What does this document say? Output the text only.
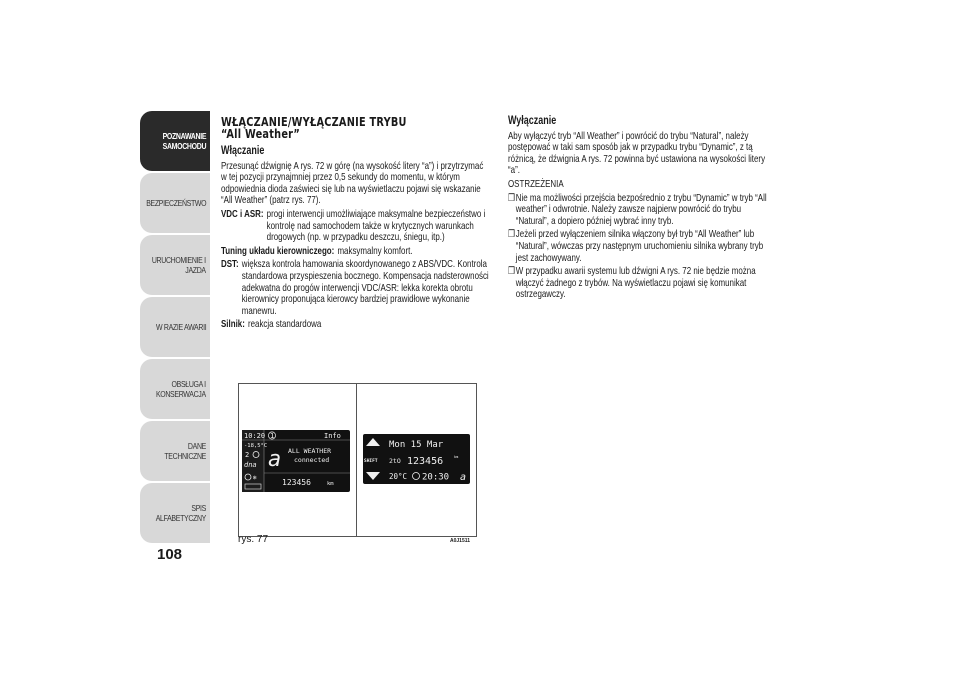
POZNAWANIE
SAMOCHODU
BEZPIECZEŃSTWO
URUCHOMIENIE I
JAZDA
W RAZIE AWARII
OBSŁUGA I
KONSERWACJA
DANE TECHNICZNE
SPIS ALFABETYCZNY
108
WŁĄCZANIE/WYŁĄCZANIE TRYBU
“All Weather”
Włączanie

Przesunąć dźwignię A rys. 72 w górę (na wysokość litery “a”) i przytrzymać w tej pozycji przynajmniej przez 0,5 sekundy do momentu, w którym odpowiednia dioda zaświeci się lub na wyświetlaczu pojawi się wskazanie “All Weather” (patrz rys. 77).

VDC i ASR: progi interwencji umożliwiające maksymalne bezpieczeństwo i kontrolę nad samochodem także w krytycznych warunkach drogowych (np. w przypadku deszczu, śniegu, itp.)
Tuning układu kierowniczego: maksymalny komfort.
DST: większa kontrola hamowania skoordynowanego z ABS/VDC. Kontrola standardowa przyspieszenia bocznego. Kompensacja nadsterowności adekwatna do progów interwencji VDC/ASR: lekka korekta obrotu kierownicy proponująca kierowcy bardziej prawidłowe wykonanie manewru.
Silnik: reakcja standardowa
Wyłączanie

Aby wyłączyć tryb “All Weather” i powrócić do trybu “Natural”, należy postępować w taki sam sposób jak w przypadku trybu “Dynamic”, z tą różnicą, że dźwignia A rys. 72 powinna być ustawiona na wysokości litery “a”.

OSTRZEŻENIA

❒ Nie ma możliwości przejścia bezpośrednio z trybu “Dynamic” w tryb “All weather” i odwrotnie. Należy zawsze najpierw powrócić do trybu “Natural”, a dopiero później wybrać inny tryb.
❒ Jeżeli przed wyłączeniem silnika włączony był tryb “All Weather” lub “Natural”, wówczas przy następnym uruchomieniu silnika wybrany tryb jest zachowywany.
❒ W przypadku awarii systemu lub dźwigni A rys. 72 nie będzie można włączyć żadnego z trybów. Na wyświetlaczu pojawi się komunikat ostrzegawczy.
10:20
-18,5°C
2
dna
❄
1	Info
a ALL WEATHER
connected
123456	km
SHIFT
Mon 15 Mar
2tO 123456	km
20°C 20:30 a
rys. 77	A0J1511
